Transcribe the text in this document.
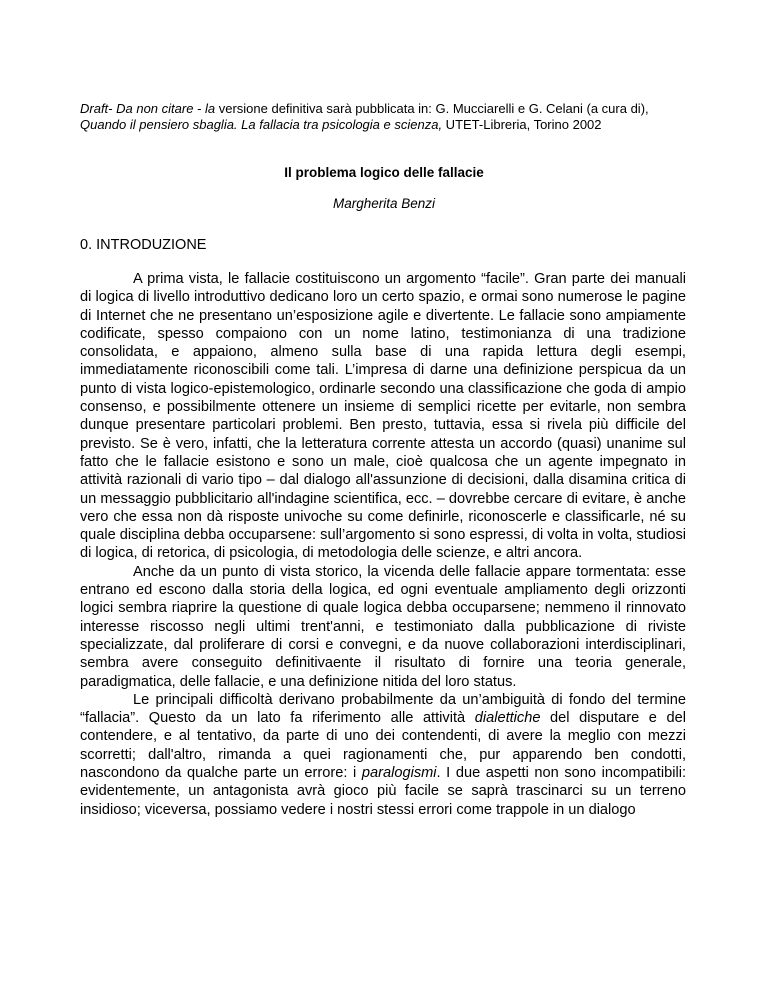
Draft- Da non citare - la versione definitiva sarà pubblicata in: G. Mucciarelli e G. Celani (a cura di), Quando il pensiero sbaglia. La fallacia tra psicologia e scienza, UTET-Libreria, Torino 2002
Il problema logico delle fallacie
Margherita Benzi
0. INTRODUZIONE

A prima vista, le fallacie costituiscono un argomento “facile”. Gran parte dei manuali di logica di livello introduttivo dedicano loro un certo spazio, e ormai sono numerose le pagine di Internet che ne presentano un’esposizione agile e divertente. Le fallacie sono ampiamente codificate, spesso compaiono con un nome latino, testimonianza di una tradizione consolidata, e appaiono, almeno sulla base di una rapida lettura degli esempi, immediatamente riconoscibili come tali. L’impresa di darne una definizione perspicua da un punto di vista logico-epistemologico, ordinarle secondo una classificazione che goda di ampio consenso, e possibilmente ottenere un insieme di semplici ricette per evitarle, non sembra dunque presentare particolari problemi. Ben presto, tuttavia, essa si rivela più difficile del previsto. Se è vero, infatti, che la letteratura corrente attesta un accordo (quasi) unanime sul fatto che le fallacie esistono e sono un male, cioè qualcosa che un agente impegnato in attività razionali di vario tipo – dal dialogo all'assunzione di decisioni, dalla disamina critica di un messaggio pubblicitario all'indagine scientifica, ecc. – dovrebbe cercare di evitare, è anche vero che essa non dà risposte univoche su come definirle, riconoscerle e classificarle, né su quale disciplina debba occuparsene: sull’argomento si sono espressi, di volta in volta, studiosi di logica, di retorica, di psicologia, di metodologia delle scienze, e altri ancora.

Anche da un punto di vista storico, la vicenda delle fallacie appare tormentata: esse entrano ed escono dalla storia della logica, ed ogni eventuale ampliamento degli orizzonti logici sembra riaprire la questione di quale logica debba occuparsene; nemmeno il rinnovato interesse riscosso negli ultimi trent'anni, e testimoniato dalla pubblicazione di riviste specializzate, dal proliferare di corsi e convegni, e da nuove collaborazioni interdisciplinari, sembra avere conseguito definitivaente il risultato di fornire una teoria generale, paradigmatica, delle fallacie, e una definizione nitida del loro status.

Le principali difficoltà derivano probabilmente da un’ambiguità di fondo del termine “fallacia”. Questo da un lato fa riferimento alle attività dialettiche del disputare e del contendere, e al tentativo, da parte di uno dei contendenti, di avere la meglio con mezzi scorretti; dall'altro, rimanda a quei ragionamenti che, pur apparendo ben condotti, nascondono da qualche parte un errore: i paralogismi. I due aspetti non sono incompatibili: evidentemente, un antagonista avrà gioco più facile se saprà trascinarci su un terreno insidioso; viceversa, possiamo vedere i nostri stessi errori come trappole in un dialogo
